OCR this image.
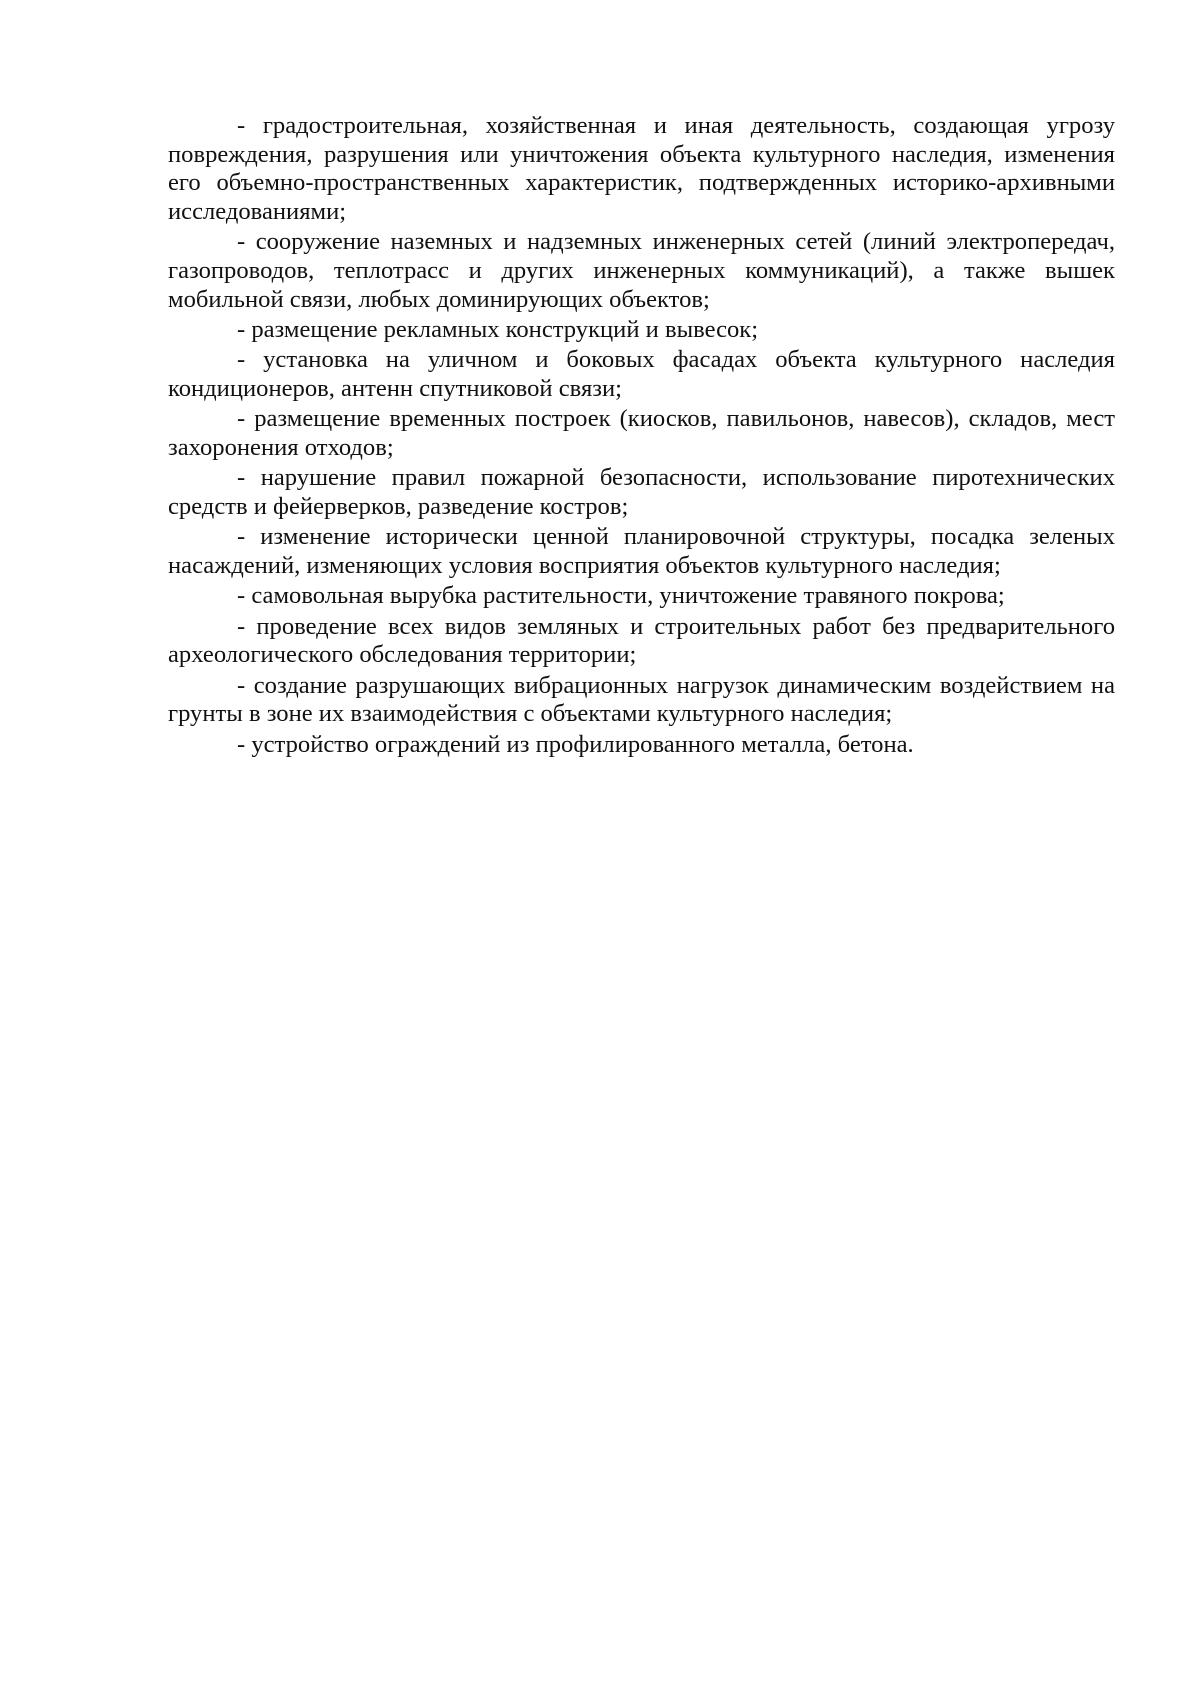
- градостроительная, хозяйственная и иная деятельность, создающая угрозу повреждения, разрушения или уничтожения объекта культурного наследия, изменения его объемно-пространственных характеристик, подтвержденных историко-архивными исследованиями;

- сооружение наземных и надземных инженерных сетей (линий электропередач, газопроводов, теплотрасс и других инженерных коммуникаций), а также вышек мобильной связи, любых доминирующих объектов;

- размещение рекламных конструкций и вывесок;

- установка на уличном и боковых фасадах объекта культурного наследия кондиционеров, антенн спутниковой связи;

- размещение временных построек (киосков, павильонов, навесов), складов, мест захоронения отходов;

- нарушение правил пожарной безопасности, использование пиротехнических средств и фейерверков, разведение костров;

- изменение исторически ценной планировочной структуры, посадка зеленых насаждений, изменяющих условия восприятия объектов культурного наследия;

- самовольная вырубка растительности, уничтожение травяного покрова;

- проведение всех видов земляных и строительных работ без предварительного археологического обследования территории;

- создание разрушающих вибрационных нагрузок динамическим воздействием на грунты в зоне их взаимодействия с объектами культурного наследия;

- устройство ограждений из профилированного металла, бетона.
